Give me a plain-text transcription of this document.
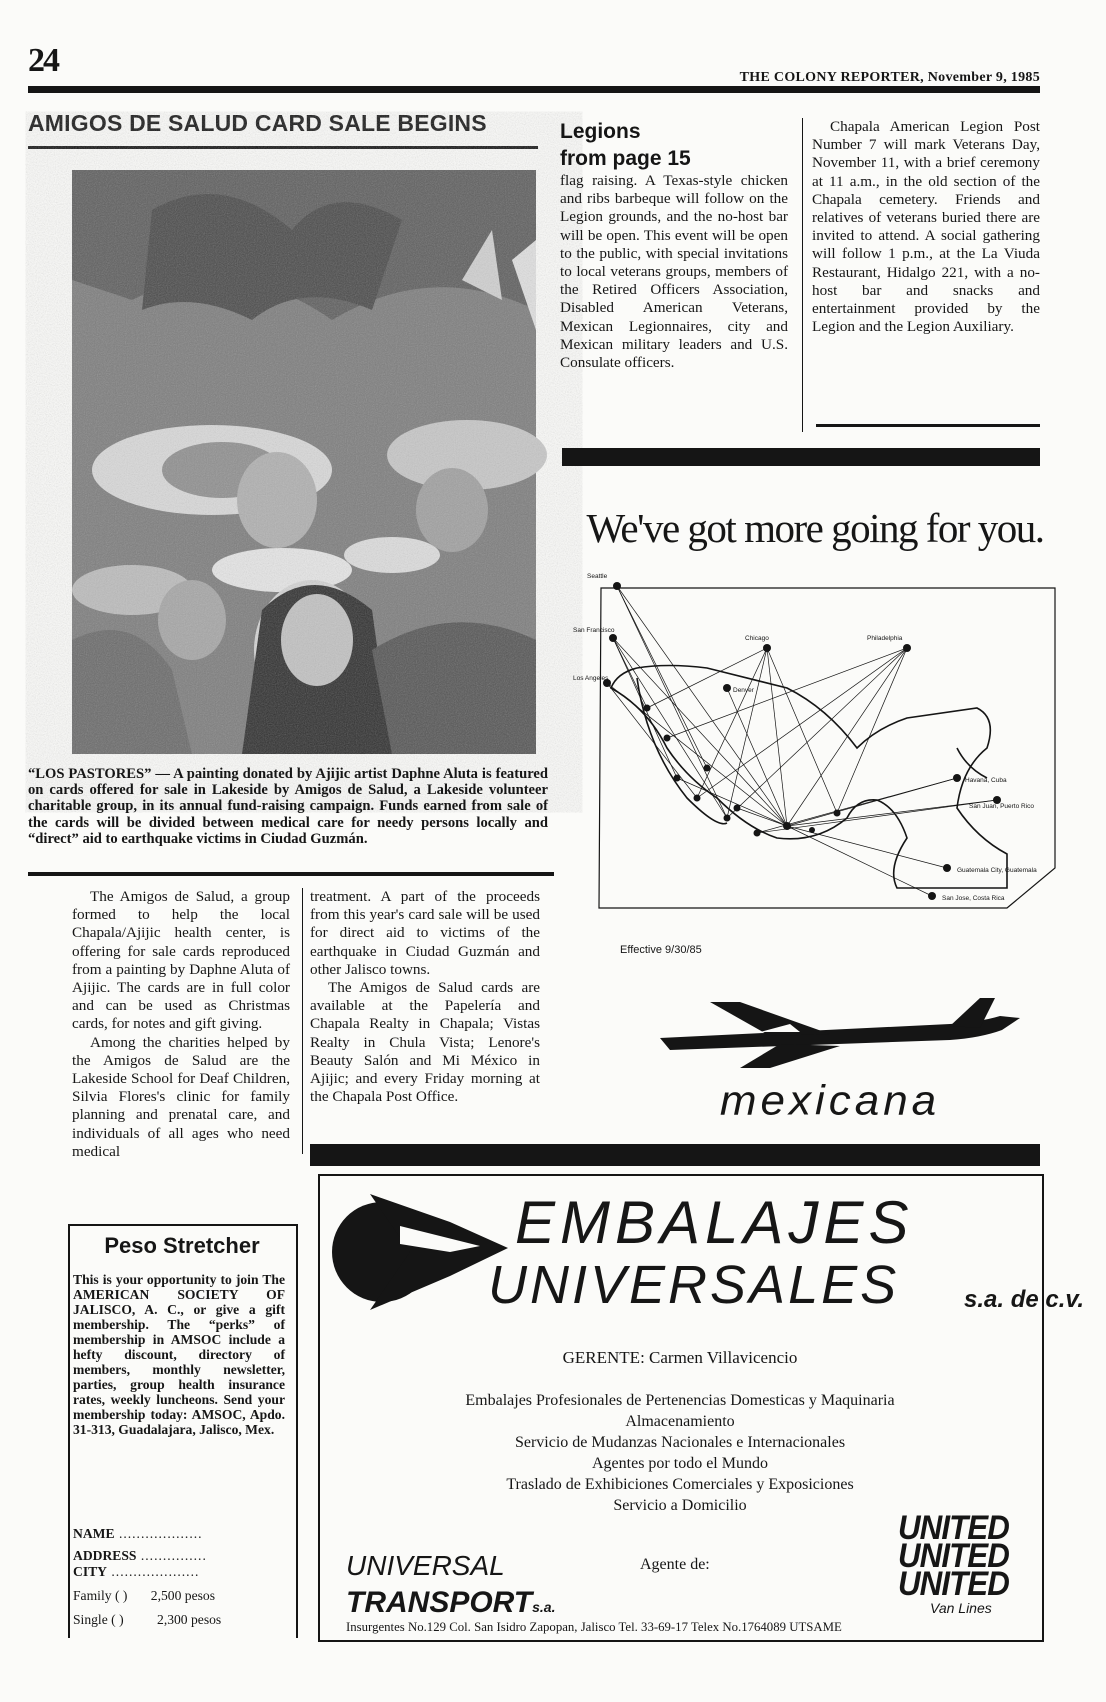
24	THE COLONY REPORTER, November 9, 1985
AMIGOS DE SALUD CARD SALE BEGINS
“LOS PASTORES” — A painting donated by Ajijic artist Daphne Aluta is featured on cards offered for sale in Lakeside by Amigos de Salud, a Lakeside volunteer charitable group, in its annual fund-raising campaign. Funds earned from sale of the cards will be divided between medical care for needy persons locally and “direct” aid to earthquake victims in Ciudad Guzmán.

The Amigos de Salud, a group formed to help the local Chapala/Ajijic health center, is offering for sale cards reproduced from a painting by Daphne Aluta of Ajijic. The cards are in full color and can be used as Christmas cards, for notes and gift giving.

Among the charities helped by the Amigos de Salud are the Lakeside School for Deaf Children, Silvia Flores's clinic for family planning and prenatal care, and individuals of all ages who need medical

treatment. A part of the proceeds from this year's card sale will be used for direct aid to victims of the earthquake in Ciudad Guzmán and other Jalisco towns.

The Amigos de Salud cards are available at the Papelería and Chapala Realty in Chapala; Vistas Realty in Chula Vista; Lenore's Beauty Salón and Mi México in Ajijic; and every Friday morning at the Chapala Post Office.

Legions
from page 15

flag raising. A Texas-style chicken and ribs barbeque will follow on the Legion grounds, and the no-host bar will be open. This event will be open to the public, with special invitations to local veterans groups, members of the Retired Officers Association, Disabled American Veterans, Mexican Legionnaires, city and Mexican military leaders and U.S. Consulate officers.

Chapala American Legion Post Number 7 will mark Veterans Day, November 11, with a brief ceremony at 11 a.m., in the old section of the Chapala cemetery. Friends and relatives of veterans buried there are invited to attend. A social gathering will follow 1 p.m., at the La Viuda Restaurant, Hidalgo 221, with a no-host bar and snacks and entertainment provided by the Legion and the Legion Auxiliary.

We've got more going for you.
Seattle
Chicago	Philadelphia
San Francisco
Los Angeles
Denver
Havana, Cuba
San Juan, Puerto Rico
Guatemala City, Guatemala
San Jose, Costa Rica
Effective 9/30/85
mexicana
Peso Stretcher
This is your opportunity to join The AMERICAN SOCIETY OF JALISCO, A. C., or give a gift membership. The “perks” of membership in AMSOC include a hefty discount, directory of members, monthly newsletter, parties, group health insurance rates, weekly luncheons. Send your membership today: AMSOC, Apdo. 31-313, Guadalajara, Jalisco, Mex.
NAME ...................
ADDRESS ...............
CITY ....................
Family ( ) 2,500 pesos
Single ( ) 2,300 pesos
EMBALAJES
UNIVERSALES	s.a. de c.v.
GERENTE: Carmen Villavicencio
Embalajes Profesionales de Pertenencias Domesticas y Maquinaria
Almacenamiento
Servicio de Mudanzas Nacionales e Internacionales
Agentes por todo el Mundo
Traslado de Exhibiciones Comerciales y Exposiciones
Servicio a Domicilio
UNIVERSAL
TRANSPORTs.a.
Agente de:
UNITED
UNITED
UNITED
Van Lines
Insurgentes No.129 Col. San Isidro Zapopan, Jalisco Tel. 33-69-17 Telex No.1764089 UTSAME
